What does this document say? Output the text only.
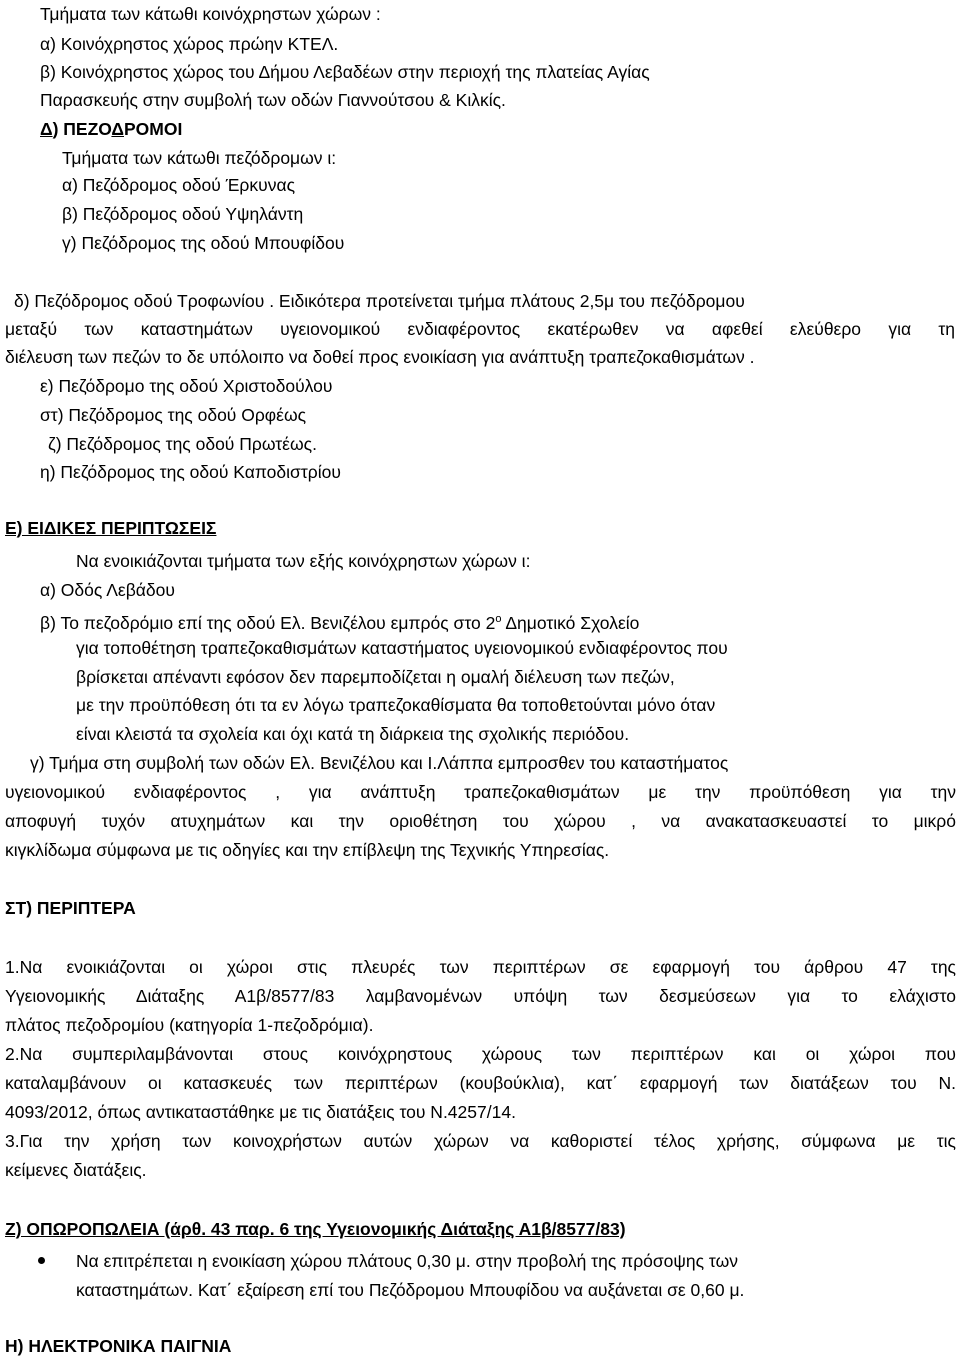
Τμήματα των κάτωθι κοινόχρηστων χώρων :
α) Κοινόχρηστος χώρος πρώην ΚΤΕΛ.
β) Κοινόχρηστος χώρος του Δήμου Λεβαδέων στην περιοχή της πλατείας Αγίας
Παρασκευής στην συμβολή των οδών Γιαννούτσου & Κιλκίς.
Δ) ΠΕΖΟΔΡΟΜΟΙ
Τμήματα των κάτωθι πεζόδρομων ι:
α) Πεζόδρομος οδού Έρκυνας
β) Πεζόδρομος οδού Υψηλάντη
γ) Πεζόδρομος της οδού Μπουφίδου
δ) Πεζόδρομος οδού Τροφωνίου . Ειδικότερα προτείνεται τμήμα πλάτους 2,5μ του πεζόδρομου
μεταξύ των καταστημάτων υγειονομικού ενδιαφέροντος εκατέρωθεν να αφεθεί ελεύθερο για τη
διέλευση των πεζών το δε υπόλοιπο να δοθεί προς ενοικίαση για ανάπτυξη τραπεζοκαθισμάτων .
ε) Πεζόδρομο της οδού Χριστοδούλου
στ) Πεζόδρομος της οδού Ορφέως
ζ) Πεζόδρομος της οδού Πρωτέως.
η) Πεζόδρομος της οδού Καποδιστρίου
Ε) ΕΙΔΙΚΕΣ ΠΕΡΙΠΤΩΣΕΙΣ
Να ενοικιάζονται τμήματα των εξής κοινόχρηστων χώρων ι:
α) Οδός Λεβάδου
β) Το πεζοδρόμιο επί της οδού Ελ. Βενιζέλου εμπρός στο $2^o$ Δημοτικό Σχολείο
για τοποθέτηση τραπεζοκαθισμάτων καταστήματος υγειονομικού ενδιαφέροντος που
βρίσκεται απέναντι εφόσον δεν παρεμποδίζεται η ομαλή διέλευση των πεζών,
με την προϋπόθεση ότι τα εν λόγω τραπεζοκαθίσματα θα τοποθετούνται μόνο όταν
είναι κλειστά τα σχολεία και όχι κατά τη διάρκεια της σχολικής περιόδου.
γ) Τμήμα στη συμβολή των οδών Ελ. Βενιζέλου και Ι.Λάππα εμπροσθεν του καταστήματος
υγειονομικού ενδιαφέροντος , για ανάπτυξη τραπεζοκαθισμάτων με την προϋπόθεση για την
αποφυγή τυχόν ατυχημάτων και την οριοθέτηση του χώρου , να ανακατασκευαστεί το μικρό
κιγκλίδωμα σύμφωνα με τις οδηγίες και την επίβλεψη της Τεχνικής Υπηρεσίας.
ΣΤ) ΠΕΡΙΠΤΕΡΑ
1.Να ενοικιάζονται οι χώροι στις πλευρές των περιπτέρων σε εφαρμογή του άρθρου 47 της
Υγειονομικής Διάταξης Α1β/8577/83 λαμβανομένων υπόψη των δεσμεύσεων για το ελάχιστο
πλάτος πεζοδρομίου (κατηγορία 1-πεζοδρόμια).
2.Να συμπεριλαμβάνονται στους κοινόχρηστους χώρους των περιπτέρων και οι χώροι που
καταλαμβάνουν οι κατασκευές των περιπτέρων (κουβούκλια), κατ΄ εφαρμογή των διατάξεων του Ν.
4093/2012, όπως αντικαταστάθηκε με τις διατάξεις του Ν.4257/14.
3.Για την χρήση των κοινοχρήστων αυτών χώρων να καθοριστεί τέλος χρήσης, σύμφωνα με τις
κείμενες διατάξεις.
Ζ) ΟΠΩΡΟΠΩΛΕΙΑ (άρθ. 43 παρ. 6 της Υγειονομικής Διάταξης Α1β/8577/83)
Να επιτρέπεται η ενοικίαση χώρου πλάτους 0,30 μ. στην προβολή της πρόσοψης των
καταστημάτων. Κατ΄ εξαίρεση επί του Πεζόδρομου Μπουφίδου να αυξάνεται σε 0,60 μ.
Η) ΗΛΕΚΤΡΟΝΙΚΑ ΠΑΙΓΝΙΑ
